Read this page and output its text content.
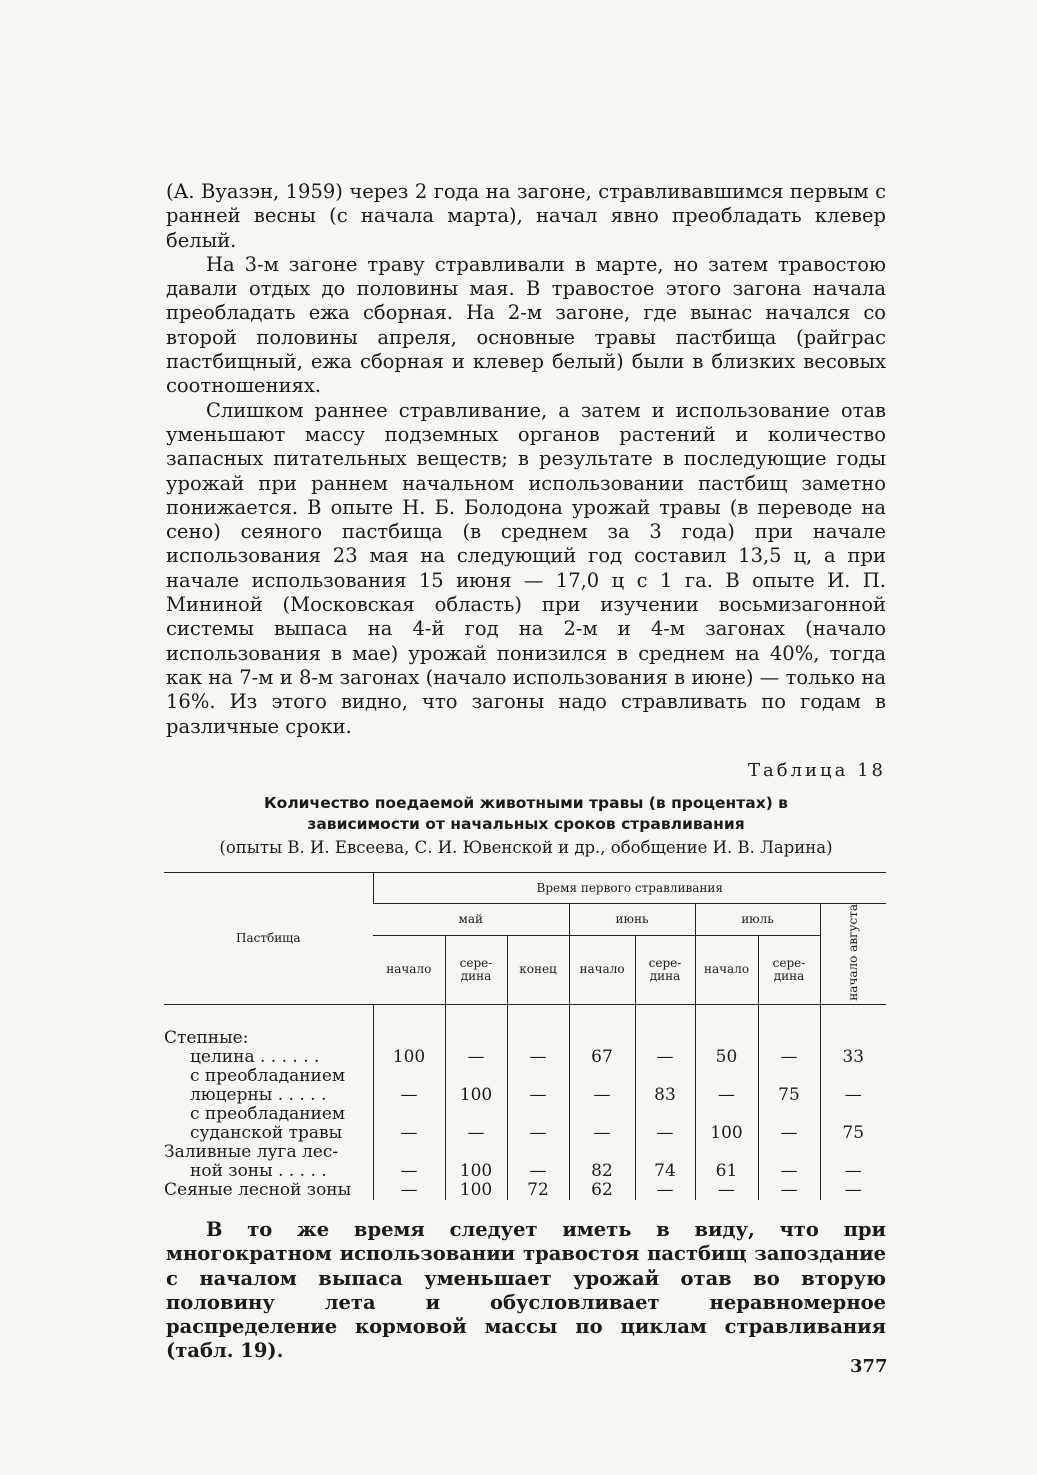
(А. Вуазэн, 1959) через 2 года на загоне, стравливавшимся первым с ранней весны (с начала марта), начал явно преобладать клевер белый.

На 3-м загоне траву стравливали в марте, но затем травостою давали отдых до половины мая. В травостое этого загона начала преобладать ежа сборная. На 2-м загоне, где вынас начался со второй половины апреля, основные травы пастбища (райграс пастбищный, ежа сборная и клевер белый) были в близких весовых соотношениях.

Слишком раннее стравливание, а затем и использование отав уменьшают массу подземных органов растений и количество запасных питательных веществ; в результате в последующие годы урожай при раннем начальном использовании пастбищ заметно понижается. В опыте Н. Б. Болодона урожай травы (в переводе на сено) сеяного пастбища (в среднем за 3 года) при начале использования 23 мая на следующий год составил 13,5 ц, а при начале использования 15 июня — 17,0 ц с 1 га. В опыте И. П. Мининой (Московская область) при изучении восьмизагонной системы выпаса на 4-й год на 2-м и 4-м загонах (начало использования в мае) урожай понизился в среднем на 40%, тогда как на 7-м и 8-м загонах (начало использования в июне) — только на 16%. Из этого видно, что загоны надо стравливать по годам в различные сроки.

Таблица 18
Количество поедаемой животными травы (в процентах) в
зависимости от начальных сроков стравливания
(опыты В. И. Евсеева, С. И. Ювенской и др., обобщение И. В. Ларина)
Пастбища	Время первого стравливания							
	май			июнь		июль		начало августа
	начало	сере-дина	конец	начало	сере-дина	начало	сере-дина	

Степные:								
целина . . . . . .	100	—	—	67	—	50	—	33
с преобладанием								
люцерны . . . . .	—	100	—	—	83	—	75	—
с преобладанием								
суданской травы	—	—	—	—	—	100	—	75
Заливные луга лес-								
ной зоны . . . . .	—	100	—	82	74	61	—	—
Сеяные лесной зоны	—	100	72	62	—	—	—	—

В то же время следует иметь в виду, что при многократном использовании травостоя пастбищ запоздание с началом выпаса уменьшает урожай отав во вторую половину лета и обусловливает неравномерное распределение кормовой массы по циклам стравливания (табл. 19).

377
